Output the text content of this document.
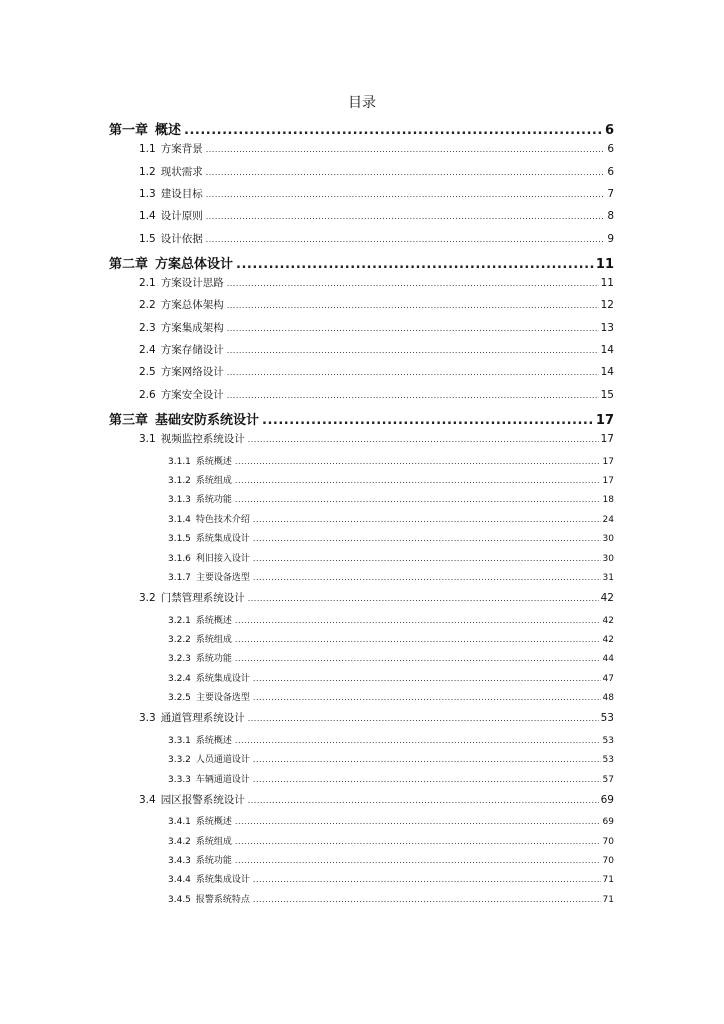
目录
第一章 概述 .....	6
1.1 方案背景 .....	6
1.2 现状需求 .....	6
1.3 建设目标 .....	7
1.4 设计原则 .....	8
1.5 设计依据 .....	9
第二章 方案总体设计 .....	11
2.1 方案设计思路 .....	11
2.2 方案总体架构 .....	12
2.3 方案集成架构 .....	13
2.4 方案存储设计 .....	14
2.5 方案网络设计 .....	14
2.6 方案安全设计 .....	15
第三章 基础安防系统设计 .....	17
3.1 视频监控系统设计 .....	17
3.1.1 系统概述 .....	17
3.1.2 系统组成 .....	17
3.1.3 系统功能 .....	18
3.1.4 特色技术介绍 .....	24
3.1.5 系统集成设计 .....	30
3.1.6 利旧接入设计 .....	30
3.1.7 主要设备选型 .....	31
3.2 门禁管理系统设计 .....	42
3.2.1 系统概述 .....	42
3.2.2 系统组成 .....	42
3.2.3 系统功能 .....	44
3.2.4 系统集成设计 .....	47
3.2.5 主要设备选型 .....	48
3.3 通道管理系统设计 .....	53
3.3.1 系统概述 .....	53
3.3.2 人员通道设计 .....	53
3.3.3 车辆通道设计 .....	57
3.4 园区报警系统设计 .....	69
3.4.1 系统概述 .....	69
3.4.2 系统组成 .....	70
3.4.3 系统功能 .....	70
3.4.4 系统集成设计 .....	71
3.4.5 报警系统特点 .....	71
